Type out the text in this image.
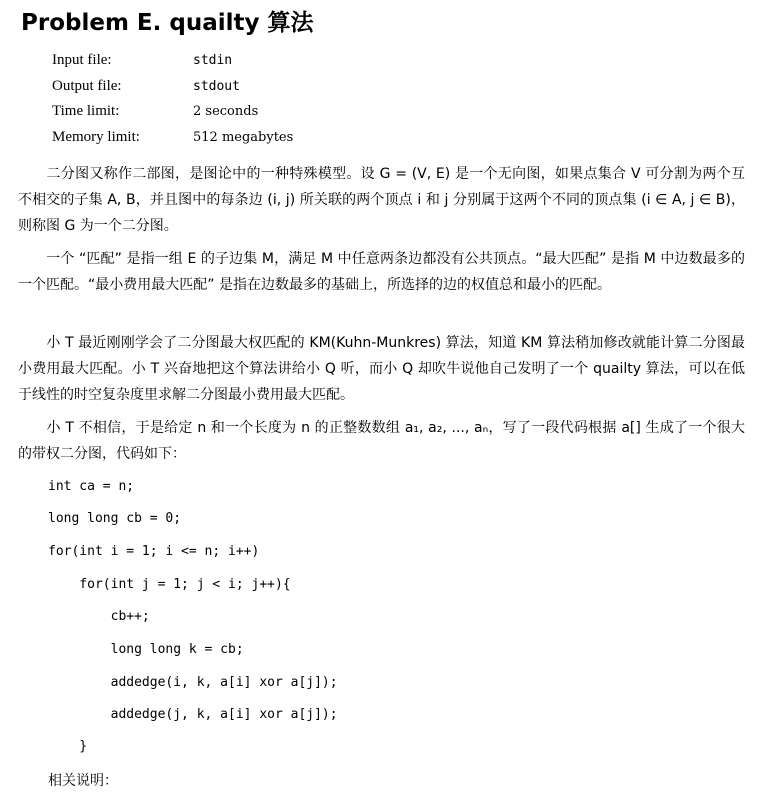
Problem E. quailty 算法
Input file:	stdin
Output file:	stdout
Time limit:	2 seconds
Memory limit:	512 megabytes
　　二分图又称作二部图，是图论中的一种特殊模型。设 G = (V, E) 是一个无向图，如果点集合 V 可分割为两个互不相交的子集 A, B，并且图中的每条边 (i, j) 所关联的两个顶点 i 和 j 分别属于这两个不同的顶点集 (i ∈ A, j ∈ B)，则称图 G 为一个二分图。
　　一个 “匹配” 是指一组 E 的子边集 M，满足 M 中任意两条边都没有公共顶点。“最大匹配” 是指 M 中边数最多的一个匹配。“最小费用最大匹配” 是指在边数最多的基础上，所选择的边的权值总和最小的匹配。
　　小 T 最近刚刚学会了二分图最大权匹配的 KM(Kuhn-Munkres) 算法，知道 KM 算法稍加修改就能计算二分图最小费用最大匹配。小 T 兴奋地把这个算法讲给小 Q 听，而小 Q 却吹牛说他自己发明了一个 quailty 算法，可以在低于线性的时空复杂度里求解二分图最小费用最大匹配。
　　小 T 不相信，于是给定 n 和一个长度为 n 的正整数数组 a₁, a₂, ..., aₙ，写了一段代码根据 a[] 生成了一个很大的带权二分图，代码如下：
int ca = n;
long long cb = 0;
for(int i = 1; i <= n; i++)
for(int j = 1; j < i; j++){
cb++;
long long k = cb;
addedge(i, k, a[i] xor a[j]);
addedge(j, k, a[i] xor a[j]);
}
相关说明：
